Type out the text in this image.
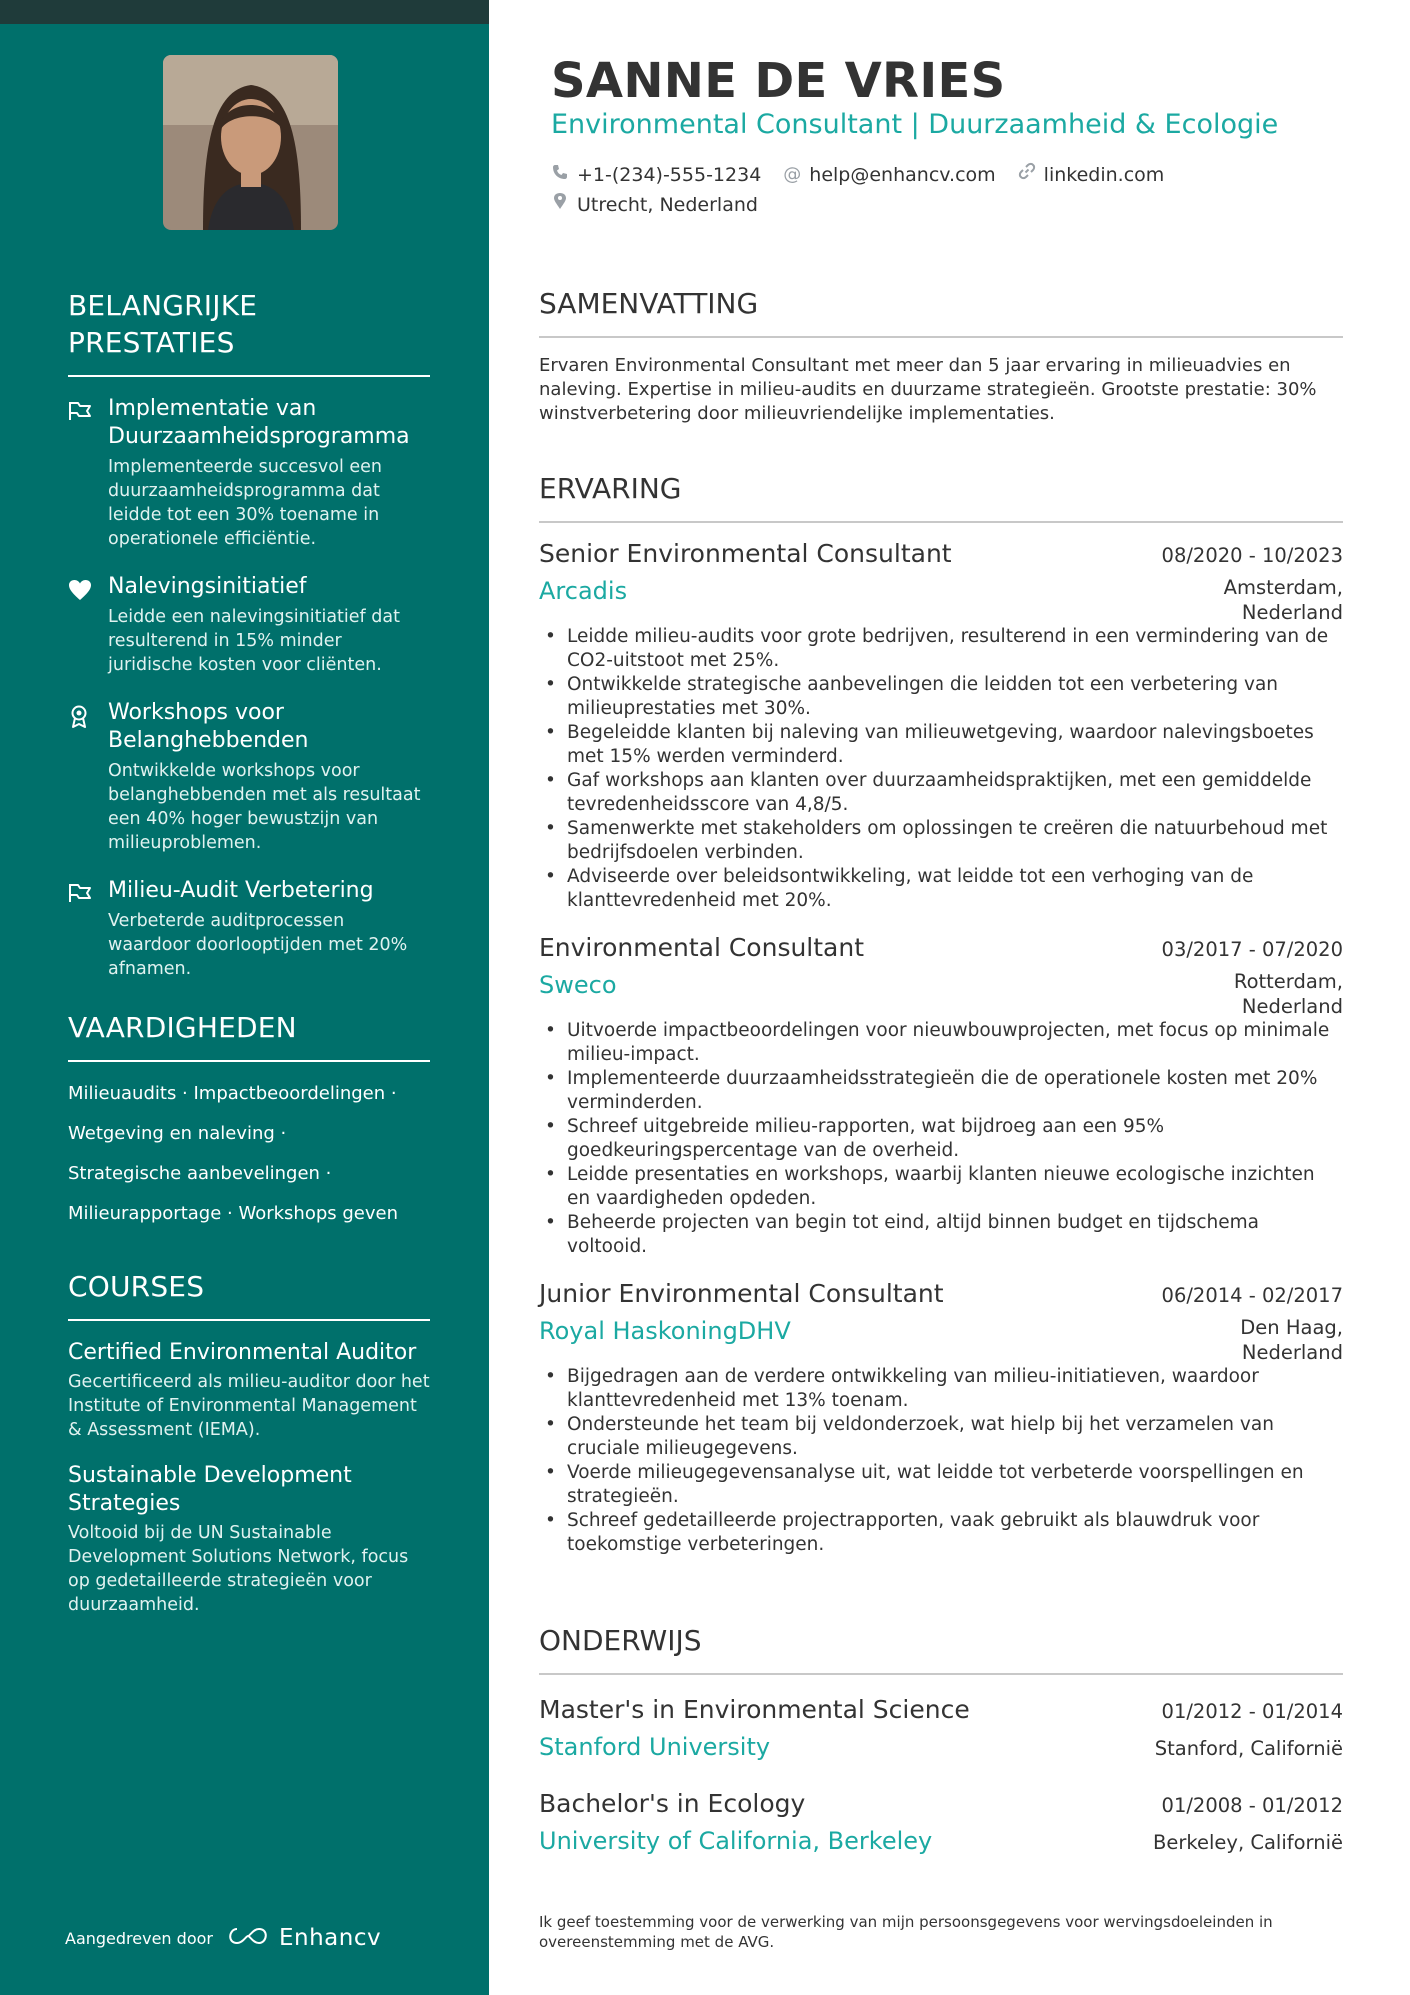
BELANGRIJKE PRESTATIES
Implementatie van Duurzaamheidsprogramma
Implementeerde succesvol een duurzaamheidsprogramma dat leidde tot een 30% toename in operationele efficiëntie.
Nalevingsinitiatief
Leidde een nalevingsinitiatief dat resulterend in 15% minder juridische kosten voor cliënten.
Workshops voor Belanghebbenden
Ontwikkelde workshops voor belanghebbenden met als resultaat een 40% hoger bewustzijn van milieuproblemen.
Milieu-Audit Verbetering
Verbeterde auditprocessen waardoor doorlooptijden met 20% afnamen.
VAARDIGHEDEN
Milieuaudits · Impactbeoordelingen ·
Wetgeving en naleving ·
Strategische aanbevelingen ·
Milieurapportage · Workshops geven
COURSES
Certified Environmental Auditor
Gecertificeerd als milieu-auditor door het Institute of Environmental Management & Assessment (IEMA).
Sustainable Development Strategies
Voltooid bij de UN Sustainable Development Solutions Network, focus op gedetailleerde strategieën voor duurzaamheid.
Aangedreven door	Enhancv
SANNE DE VRIES
Environmental Consultant | Duurzaamheid & Ecologie
+1-(234)-555-1234 @ help@enhancv.com	linkedin.com
Utrecht, Nederland
SAMENVATTING
Ervaren Environmental Consultant met meer dan 5 jaar ervaring in milieuadvies en naleving. Expertise in milieu-audits en duurzame strategieën. Grootste prestatie: 30% winstverbetering door milieuvriendelijke implementaties.
ERVARING
Senior Environmental Consultant	08/2020 - 10/2023
Arcadis	Amsterdam, Nederland
• Leidde milieu-audits voor grote bedrijven, resulterend in een vermindering van de CO2-uitstoot met 25%.
• Ontwikkelde strategische aanbevelingen die leidden tot een verbetering van milieuprestaties met 30%.
• Begeleidde klanten bij naleving van milieuwetgeving, waardoor nalevingsboetes met 15% werden verminderd.
• Gaf workshops aan klanten over duurzaamheidspraktijken, met een gemiddelde tevredenheidsscore van 4,8/5.
• Samenwerkte met stakeholders om oplossingen te creëren die natuurbehoud met bedrijfsdoelen verbinden.
• Adviseerde over beleidsontwikkeling, wat leidde tot een verhoging van de klanttevredenheid met 20%.
Environmental Consultant	03/2017 - 07/2020
Sweco	Rotterdam, Nederland
• Uitvoerde impactbeoordelingen voor nieuwbouwprojecten, met focus op minimale milieu-impact.
• Implementeerde duurzaamheidsstrategieën die de operationele kosten met 20% verminderden.
• Schreef uitgebreide milieu-rapporten, wat bijdroeg aan een 95% goedkeuringspercentage van de overheid.
• Leidde presentaties en workshops, waarbij klanten nieuwe ecologische inzichten en vaardigheden opdeden.
• Beheerde projecten van begin tot eind, altijd binnen budget en tijdschema voltooid.
Junior Environmental Consultant	06/2014 - 02/2017
Royal HaskoningDHV	Den Haag, Nederland
• Bijgedragen aan de verdere ontwikkeling van milieu-initiatieven, waardoor klanttevredenheid met 13% toenam.
• Ondersteunde het team bij veldonderzoek, wat hielp bij het verzamelen van cruciale milieugegevens.
• Voerde milieugegevensanalyse uit, wat leidde tot verbeterde voorspellingen en strategieën.
• Schreef gedetailleerde projectrapporten, vaak gebruikt als blauwdruk voor toekomstige verbeteringen.
ONDERWIJS
Master's in Environmental Science	01/2012 - 01/2014
Stanford University	Stanford, Californië
Bachelor's in Ecology	01/2008 - 01/2012
University of California, Berkeley	Berkeley, Californië
Ik geef toestemming voor de verwerking van mijn persoonsgegevens voor wervingsdoeleinden in overeenstemming met de AVG.
